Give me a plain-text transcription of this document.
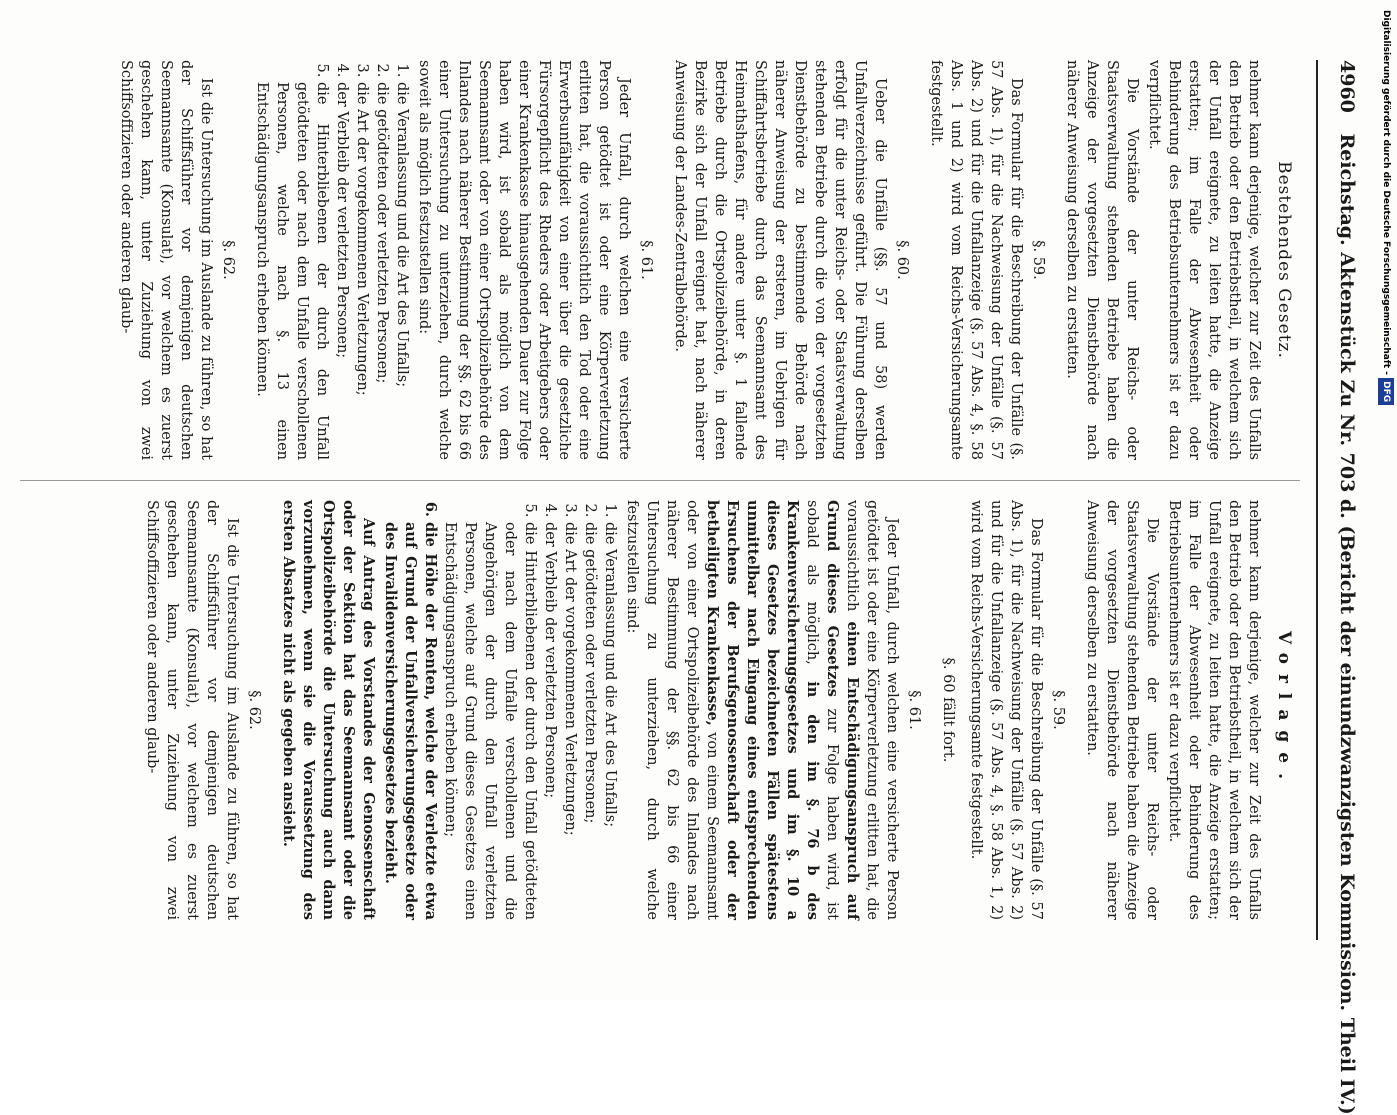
4960 Reichstag. Aktenstück Zu Nr. 703 d. (Bericht der einundzwanzigsten Kommission. Theil IV.)
Bestehendes Gesetz.
nehmer kann derjenige, welcher zur Zeit des Unfalls den Betrieb oder den Betriebstheil, in welchem sich der Unfall ereignete, zu leiten hatte, die Anzeige erstatten; im Falle der Abwesenheit oder Behinderung des Betriebsunternehmers ist er dazu verpflichtet.
Die Vorstände der unter Reichs- oder Staatsverwaltung stehenden Betriebe haben die Anzeige der vorgesetzten Dienstbehörde nach näherer Anweisung derselben zu erstatten.
§. 59.
Das Formular für die Beschreibung der Unfälle (§. 57 Abs. 1), für die Nachweisung der Unfälle (§. 57 Abs. 2) und für die Unfallanzeige (§. 57 Abs. 4, §. 58 Abs. 1 und 2) wird vom Reichs-Versicherungsamte festgestellt.
§. 60.
Ueber die Unfälle (§§. 57 und 58) werden Unfallverzeichnisse geführt. Die Führung derselben erfolgt für die unter Reichs- oder Staatsverwaltung stehenden Betriebe durch die von der vorgesetzten Dienstbehörde zu bestimmende Behörde nach näherer Anweisung der ersteren, im Uebrigen für Schiffahrtsbetriebe durch das Seemannsamt des Heimathshafens, für andere unter §. 1 fallende Betriebe durch die Ortspolizeibehörde, in deren Bezirke sich der Unfall ereignet hat, nach näherer Anweisung der Landes-Zentralbehörde.
§. 61.
Jeder Unfall, durch welchen eine versicherte Person getödtet ist oder eine Körperverletzung erlitten hat, die voraussichtlich den Tod oder eine Erwerbsunfähigkeit von einer über die gesetzliche Fürsorgepflicht des Rheders oder Arbeitgebers oder einer Krankenkasse hinausgehenden Dauer zur Folge haben wird, ist sobald als möglich von dem Seemannsamt oder von einer Ortspolizeibehörde des Inlandes nach näherer Bestimmung der §§. 62 bis 66 einer Untersuchung zu unterziehen, durch welche soweit als möglich festzustellen sind:
1. die Veranlassung und die Art des Unfalls;
2. die getödteten oder verletzten Personen;
3. die Art der vorgekommenen Verletzungen;
4. der Verbleib der verletzten Personen;
5. die Hinterbliebenen der durch den Unfall getödteten oder nach dem Unfalle verschollenen Personen, welche nach §. 13 einen Entschädigungsanspruch erheben können.
§. 62.
Ist die Untersuchung im Auslande zu führen, so hat der Schiffsführer vor demjenigen deutschen Seemannsamte (Konsulat), vor welchem es zuerst geschehen kann, unter Zuziehung von zwei Schiffsoffizieren oder anderen glaub-
Vorlage.
nehmer kann derjenige, welcher zur Zeit des Unfalls den Betrieb oder den Betriebstheil, in welchem sich der Unfall ereignete, zu leiten hatte, die Anzeige erstatten; im Falle der Abwesenheit oder Behinderung des Betriebsunternehmers ist er dazu verpflichtet.
Die Vorstände der unter Reichs- oder Staatsverwaltung stehenden Betriebe haben die Anzeige der vorgesetzten Dienstbehörde nach näherer Anweisung derselben zu erstatten.
§. 59.
Das Formular für die Beschreibung der Unfälle (§. 57 Abs. 1), für die Nachweisung der Unfälle (§. 57 Abs. 2) und für die Unfallanzeige (§. 57 Abs. 4, §. 58 Abs. 1, 2) wird vom Reichs-Versicherungsamte festgestellt.
§. 60 fällt fort.
§. 61.
Jeder Unfall, durch welchen eine versicherte Person getödtet ist oder eine Körperverletzung erlitten hat, die voraussichtlich einen Entschädigungsanspruch auf Grund dieses Gesetzes zur Folge haben wird, ist sobald als möglich, in den im §. 76 b des Krankenversicherungsgesetzes und im §. 10 a dieses Gesetzes bezeichneten Fällen spätestens unmittelbar nach Eingang eines entsprechenden Ersuchens der Berufsgenossenschaft oder der betheiligten Krankenkasse, von einem Seemannsamt oder von einer Ortspolizeibehörde des Inlandes nach näherer Bestimmung der §§. 62 bis 66 einer Untersuchung zu unterziehen, durch welche festzustellen sind:
1. die Veranlassung und die Art des Unfalls;
2. die getödteten oder verletzten Personen;
3. die Art der vorgekommenen Verletzungen;
4. der Verbleib der verletzten Personen;
5. die Hinterbliebenen der durch den Unfall getödteten oder nach dem Unfalle verschollenen und die Angehörigen der durch den Unfall verletzten Personen, welche auf Grund dieses Gesetzes einen Entschädigungsanspruch erheben können;
6. die Höhe der Renten, welche der Verletzte etwa auf Grund der Unfallversicherungsgesetze oder des Invalidenversicherungsgesetzes bezieht.
Auf Antrag des Vorstandes der Genossenschaft oder der Sektion hat das Seemannsamt oder die Ortspolizeibehörde die Untersuchung auch dann vorzunehmen, wenn sie die Voraussetzung des ersten Absatzes nicht als gegeben ansieht.
§. 62.
Ist die Untersuchung im Auslande zu führen, so hat der Schiffsführer vor demjenigen deutschen Seemannsamte (Konsulat), vor welchem es zuerst geschehen kann, unter Zuziehung von zwei Schiffsoffizieren oder anderen glaub-
Digitalisierung gefördert durch die Deutsche Forschungsgemeinschaft - DFG
